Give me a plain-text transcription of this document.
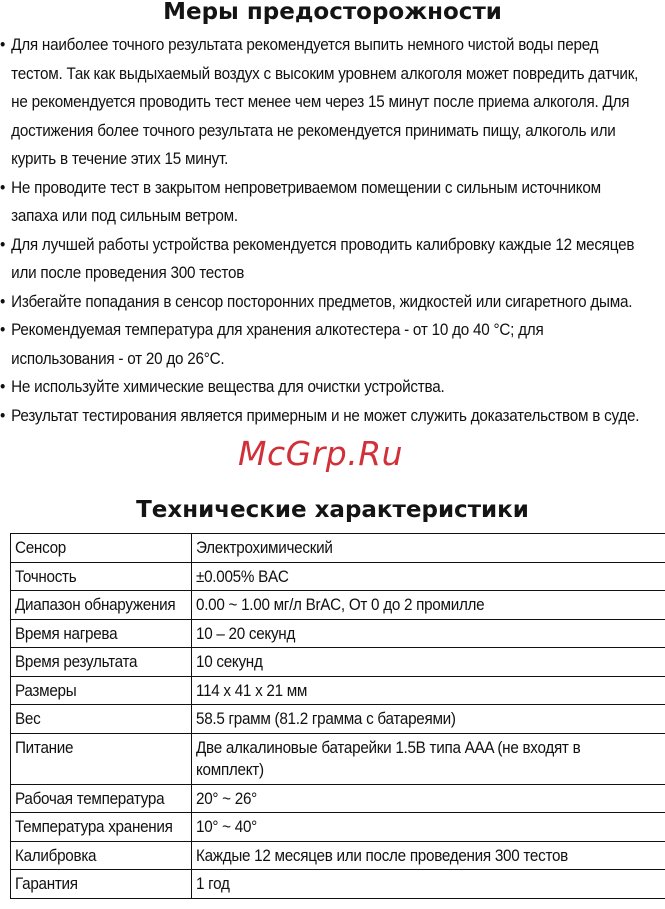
Меры предосторожности
• Для наиболее точного результата рекомендуется выпить немного чистой воды перед тестом. Так как выдыхаемый воздух с высоким уровнем алкоголя может повредить датчик, не рекомендуется проводить тест менее чем через 15 минут после приема алкоголя. Для достижения более точного результата не рекомендуется принимать пищу, алкоголь или курить в течение этих 15 минут.
• Не проводите тест в закрытом непроветриваемом помещении с сильным источником запаха или под сильным ветром.
• Для лучшей работы устройства рекомендуется проводить калибровку каждые 12 месяцев или после проведения 300 тестов
• Избегайте попадания в сенсор посторонних предметов, жидкостей или сигаретного дыма.
• Рекомендуемая температура для хранения алкотестера - от 10 до 40 °C; для использования - от 20 до 26°C.
• Не используйте химические вещества для очистки устройства.
• Результат тестирования является примерным и не может служить доказательством в суде.
McGrp.Ru
Технические характеристики
Сенсор	Электрохимический
Точность	±0.005% BAC
Диапазон обнаружения	0.00 ~ 1.00 мг/л BrAC, От 0 до 2 промилле
Время нагрева	10 – 20 секунд
Время результата	10 секунд
Размеры	114 x 41 x 21 мм
Вес	58.5 грамм (81.2 грамма с батареями)
Питание	Две алкалиновые батарейки 1.5В типа AAA (не входят в комплект)
Рабочая температура	20° ~ 26°
Температура хранения	10° ~ 40°
Калибровка	Каждые 12 месяцев или после проведения 300 тестов
Гарантия	1 год
